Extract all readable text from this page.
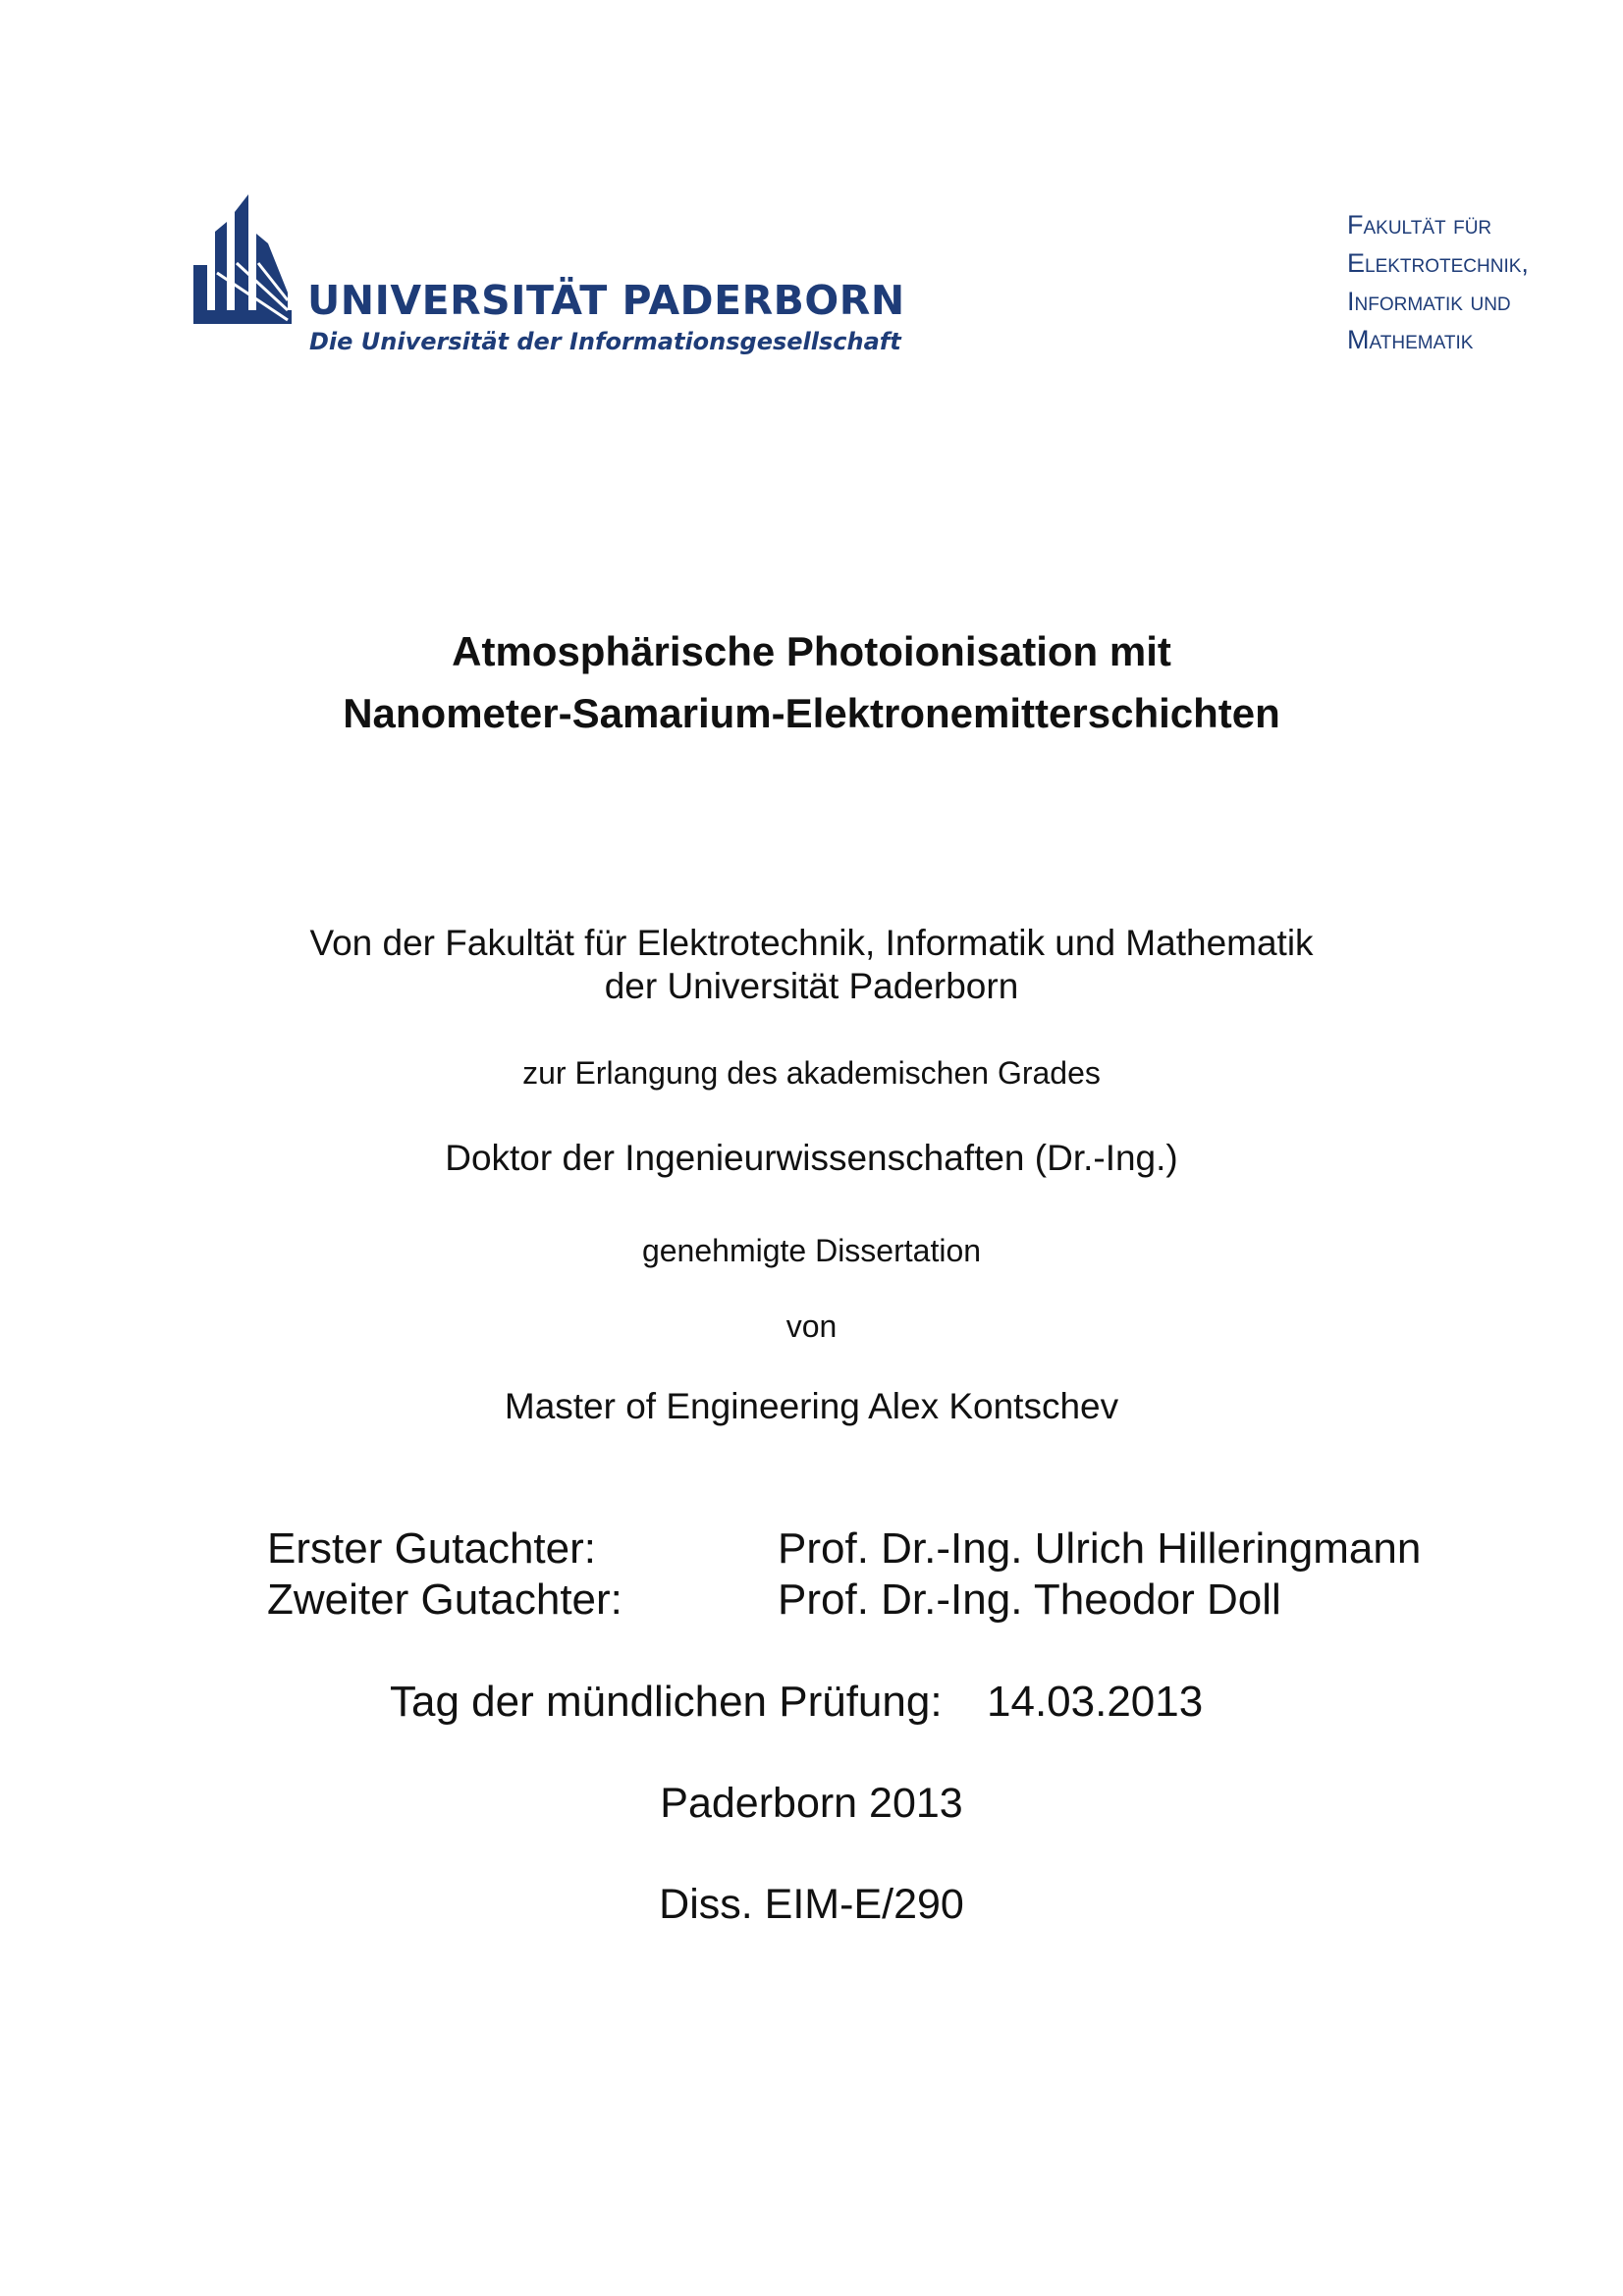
UNIVERSITÄT PADERBORN
Die Universität der Informationsgesellschaft
Fakultät für
Elektrotechnik,
Informatik und
Mathematik
Atmosphärische Photoionisation mit
Nanometer-Samarium-Elektronemitterschichten
Von der Fakultät für Elektrotechnik, Informatik und Mathematik
der Universität Paderborn
zur Erlangung des akademischen Grades
Doktor der Ingenieurwissenschaften (Dr.-Ing.)
genehmigte Dissertation
von
Master of Engineering Alex Kontschev
Erster Gutachter:	Prof. Dr.-Ing. Ulrich Hilleringmann
Zweiter Gutachter:	Prof. Dr.-Ing. Theodor Doll
Tag der mündlichen Prüfung: 14.03.2013
Paderborn 2013
Diss. EIM-E/290
